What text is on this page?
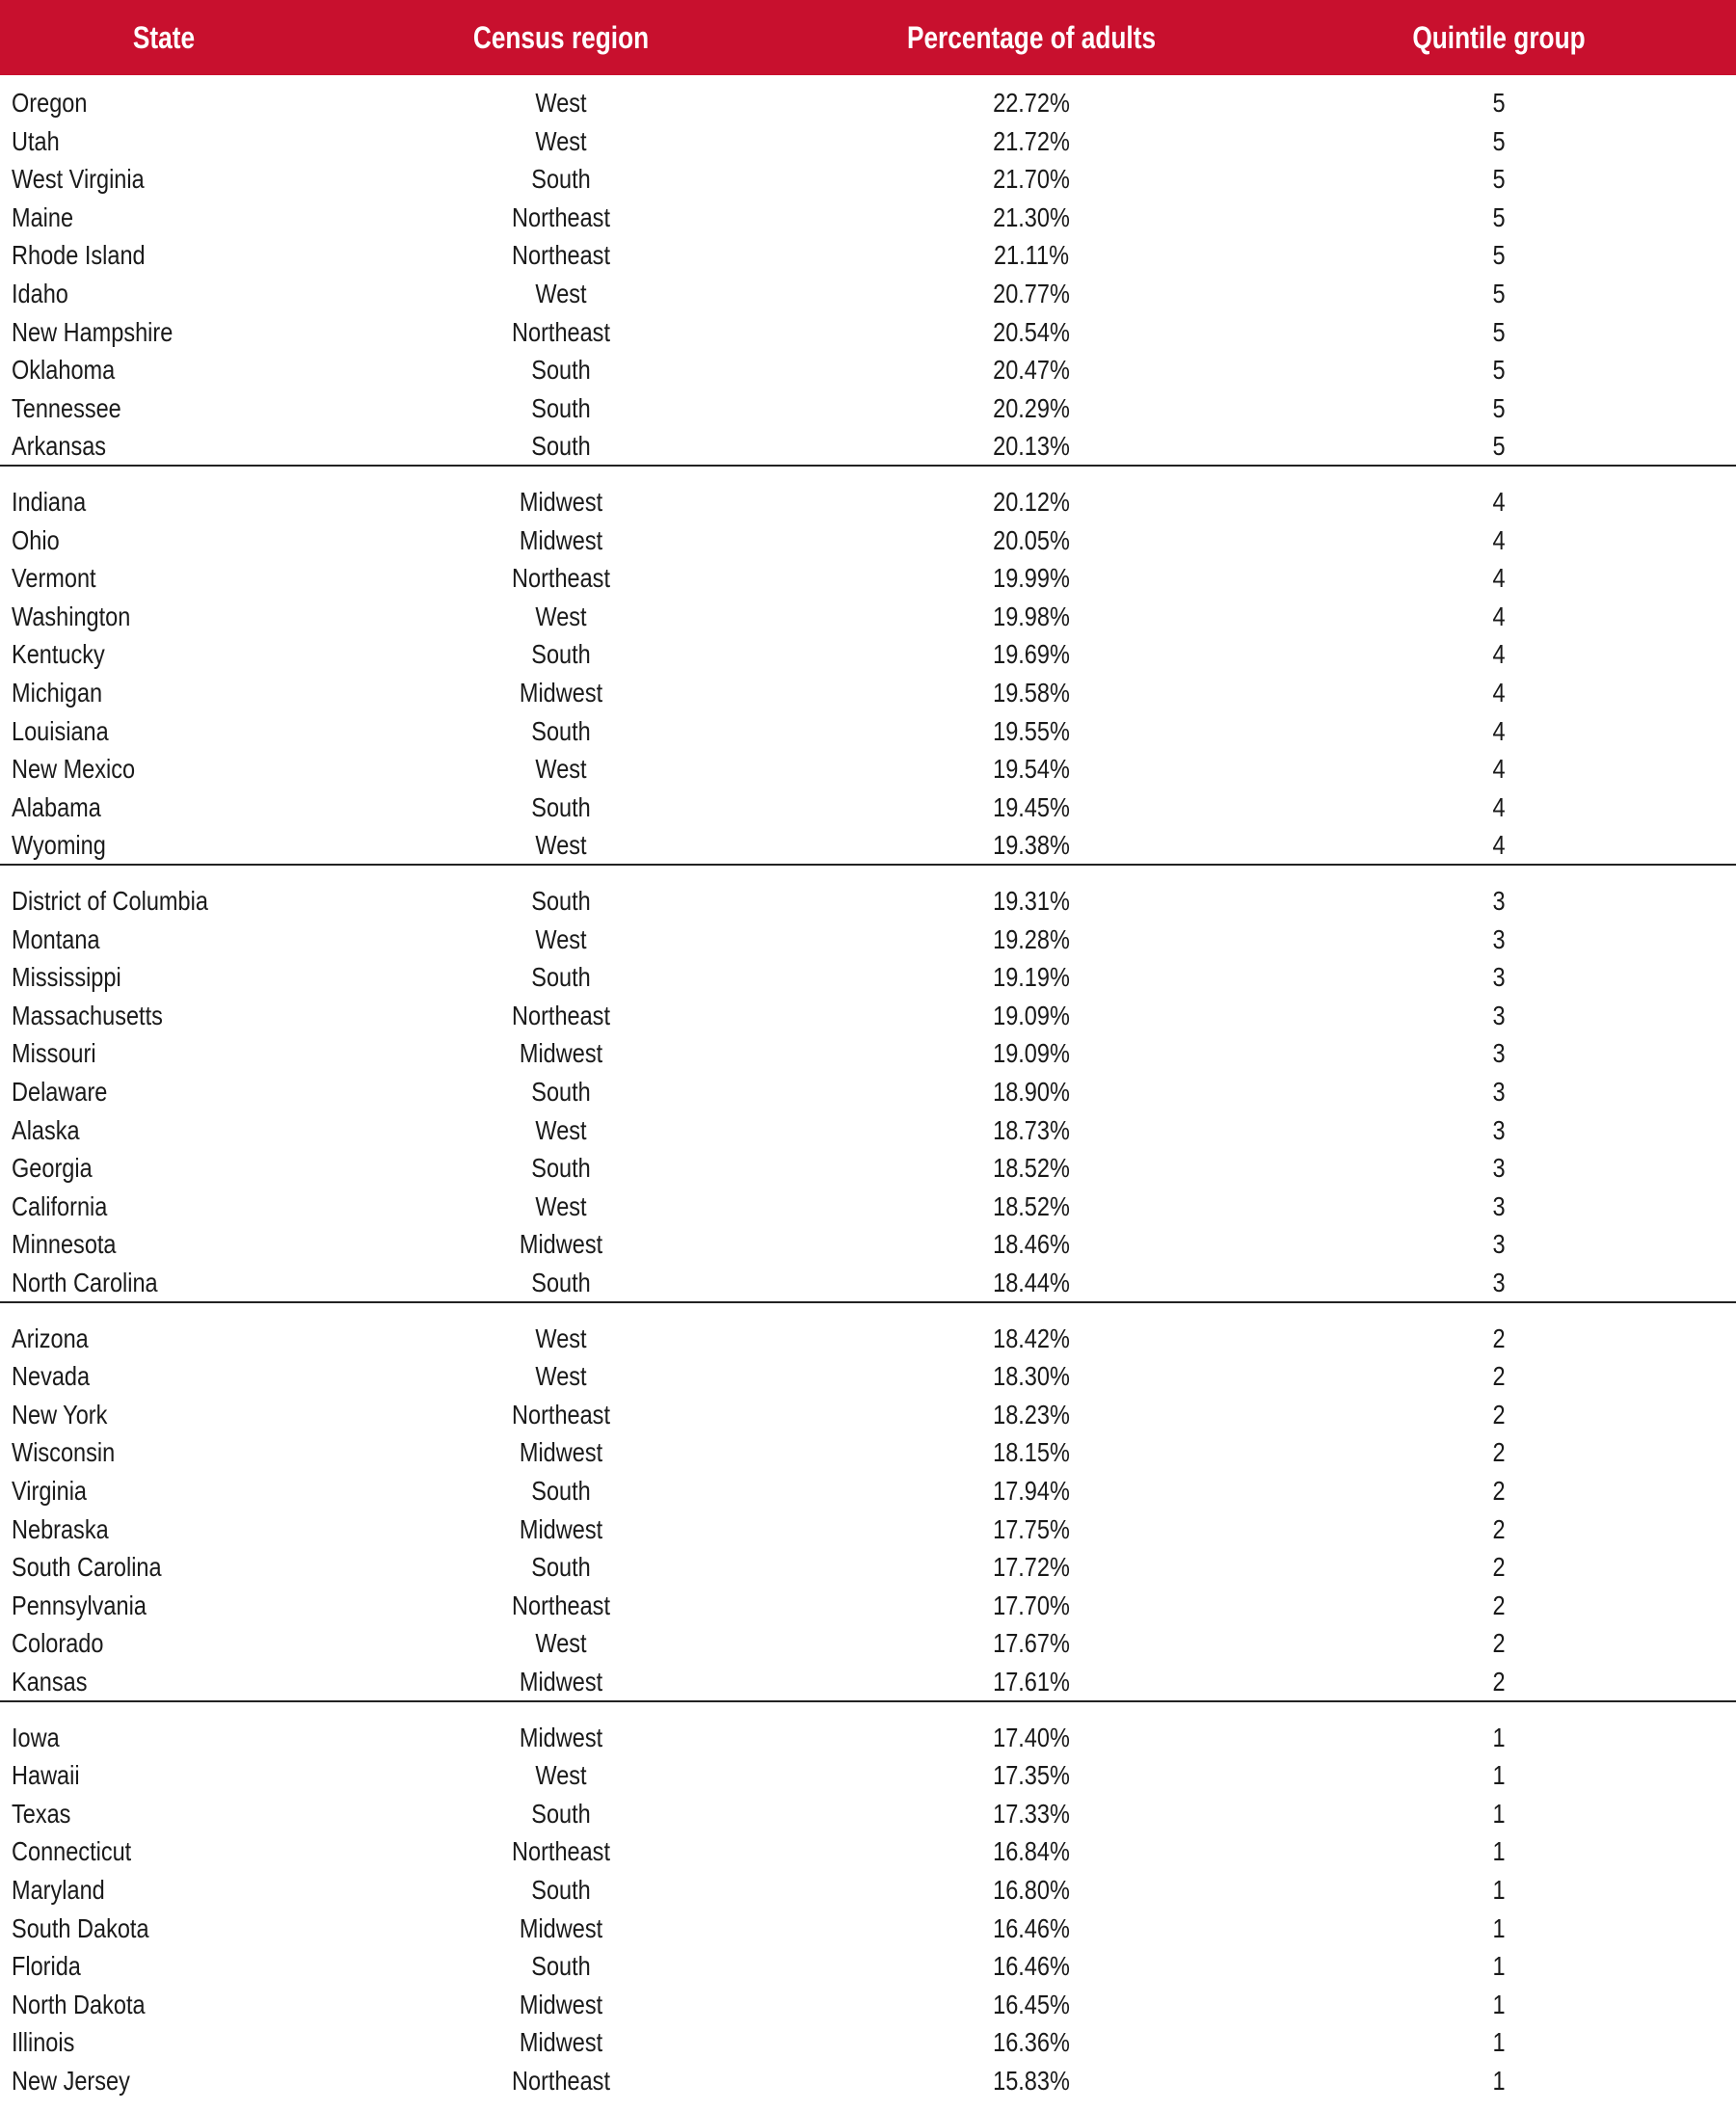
State	Census region	Percentage of adults	Quintile group
Oregon	West	22.72%	5
Utah	West	21.72%	5
West Virginia	South	21.70%	5
Maine	Northeast	21.30%	5
Rhode Island	Northeast	21.11%	5
Idaho	West	20.77%	5
New Hampshire	Northeast	20.54%	5
Oklahoma	South	20.47%	5
Tennessee	South	20.29%	5
Arkansas	South	20.13%	5
Indiana	Midwest	20.12%	4
Ohio	Midwest	20.05%	4
Vermont	Northeast	19.99%	4
Washington	West	19.98%	4
Kentucky	South	19.69%	4
Michigan	Midwest	19.58%	4
Louisiana	South	19.55%	4
New Mexico	West	19.54%	4
Alabama	South	19.45%	4
Wyoming	West	19.38%	4
District of Columbia	South	19.31%	3
Montana	West	19.28%	3
Mississippi	South	19.19%	3
Massachusetts	Northeast	19.09%	3
Missouri	Midwest	19.09%	3
Delaware	South	18.90%	3
Alaska	West	18.73%	3
Georgia	South	18.52%	3
California	West	18.52%	3
Minnesota	Midwest	18.46%	3
North Carolina	South	18.44%	3
Arizona	West	18.42%	2
Nevada	West	18.30%	2
New York	Northeast	18.23%	2
Wisconsin	Midwest	18.15%	2
Virginia	South	17.94%	2
Nebraska	Midwest	17.75%	2
South Carolina	South	17.72%	2
Pennsylvania	Northeast	17.70%	2
Colorado	West	17.67%	2
Kansas	Midwest	17.61%	2
Iowa	Midwest	17.40%	1
Hawaii	West	17.35%	1
Texas	South	17.33%	1
Connecticut	Northeast	16.84%	1
Maryland	South	16.80%	1
South Dakota	Midwest	16.46%	1
Florida	South	16.46%	1
North Dakota	Midwest	16.45%	1
Illinois	Midwest	16.36%	1
New Jersey	Northeast	15.83%	1
